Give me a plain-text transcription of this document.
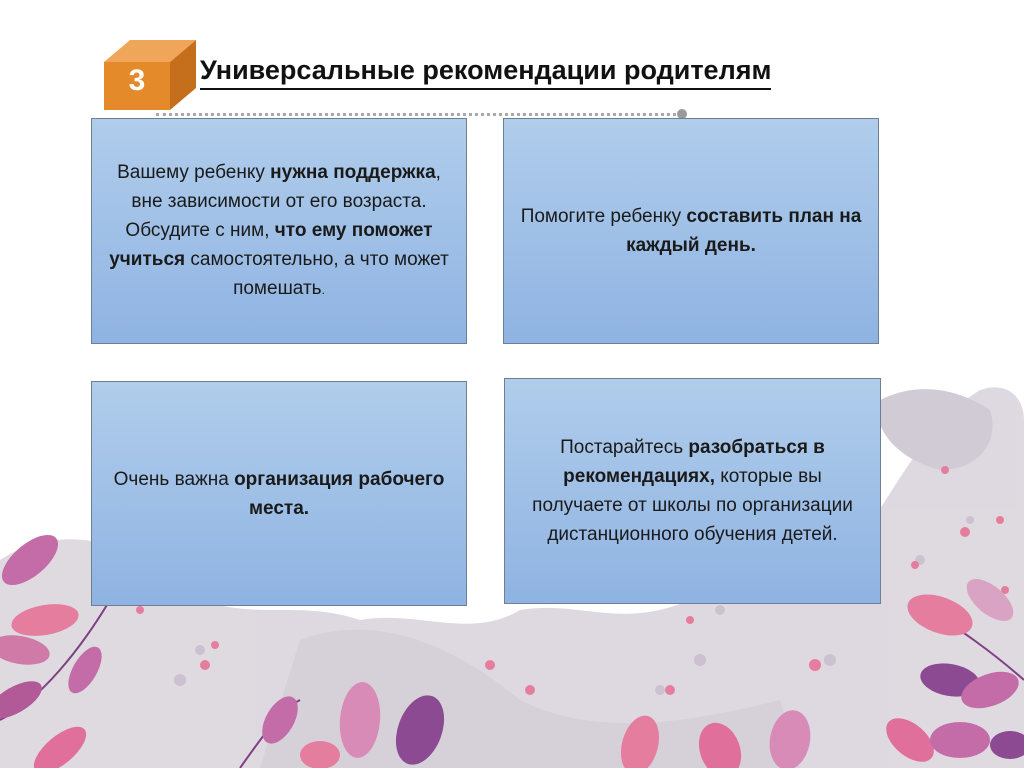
3	Универсальные рекомендации родителям

Вашему ребенку нужна поддержка, вне зависимости от его возраста. Обсудите с ним, что ему поможет учиться самостоятельно, а что может помешать.

Помогите ребенку составить план на каждый день.

Очень важна организация рабочего места.

Постарайтесь разобраться в рекомендациях, которые вы получаете от школы по организации дистанционного обучения детей.
